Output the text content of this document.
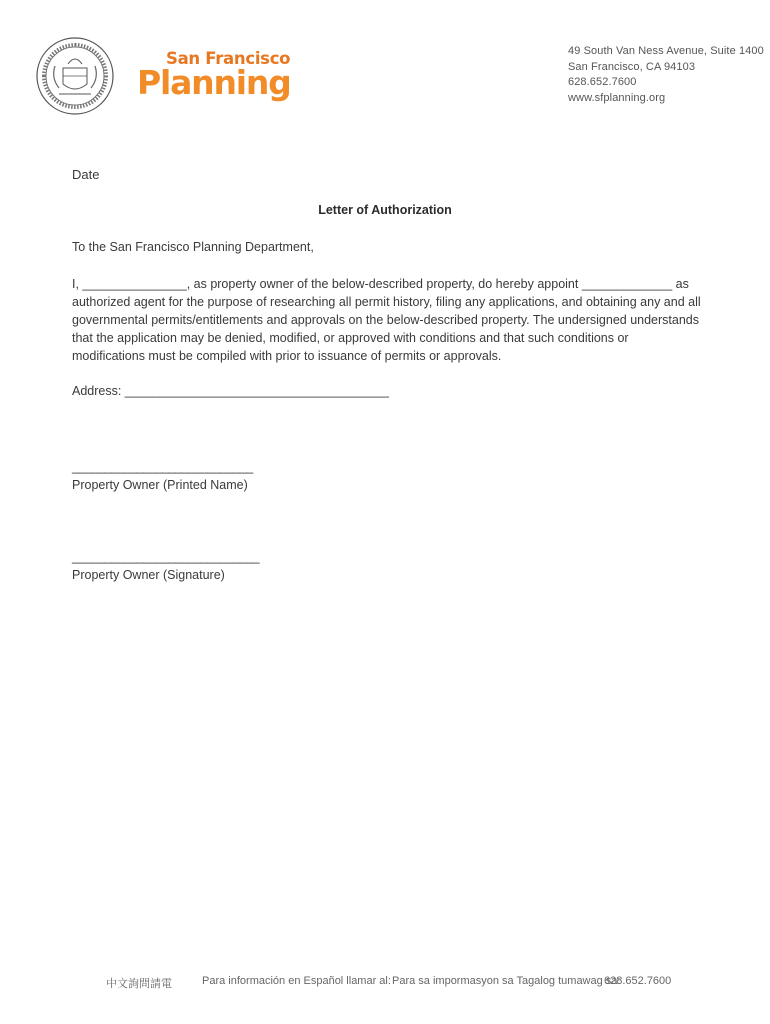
San Francisco
Planning
49 South Van Ness Avenue, Suite 1400
San Francisco, CA 94103
628.652.7600
www.sfplanning.org
Date
Letter of Authorization
To the San Francisco Planning Department,
I, _______________, as property owner of the below-described property, do hereby appoint _____________ as authorized agent for the purpose of researching all permit history, filing any applications, and obtaining any and all governmental permits/entitlements and approvals on the below-described property. The undersigned understands that the application may be denied, modified, or approved with conditions and that such conditions or modifications must be compiled with prior to issuance of permits or approvals.
Address: ______________________________________
____________________________
Property Owner (Printed Name)
_____________________________
Property Owner (Signature)
中文詢問請電	Para información en Español llamar al: Para sa impormasyon sa Tagalog tumawag sa:
628.652.7600
